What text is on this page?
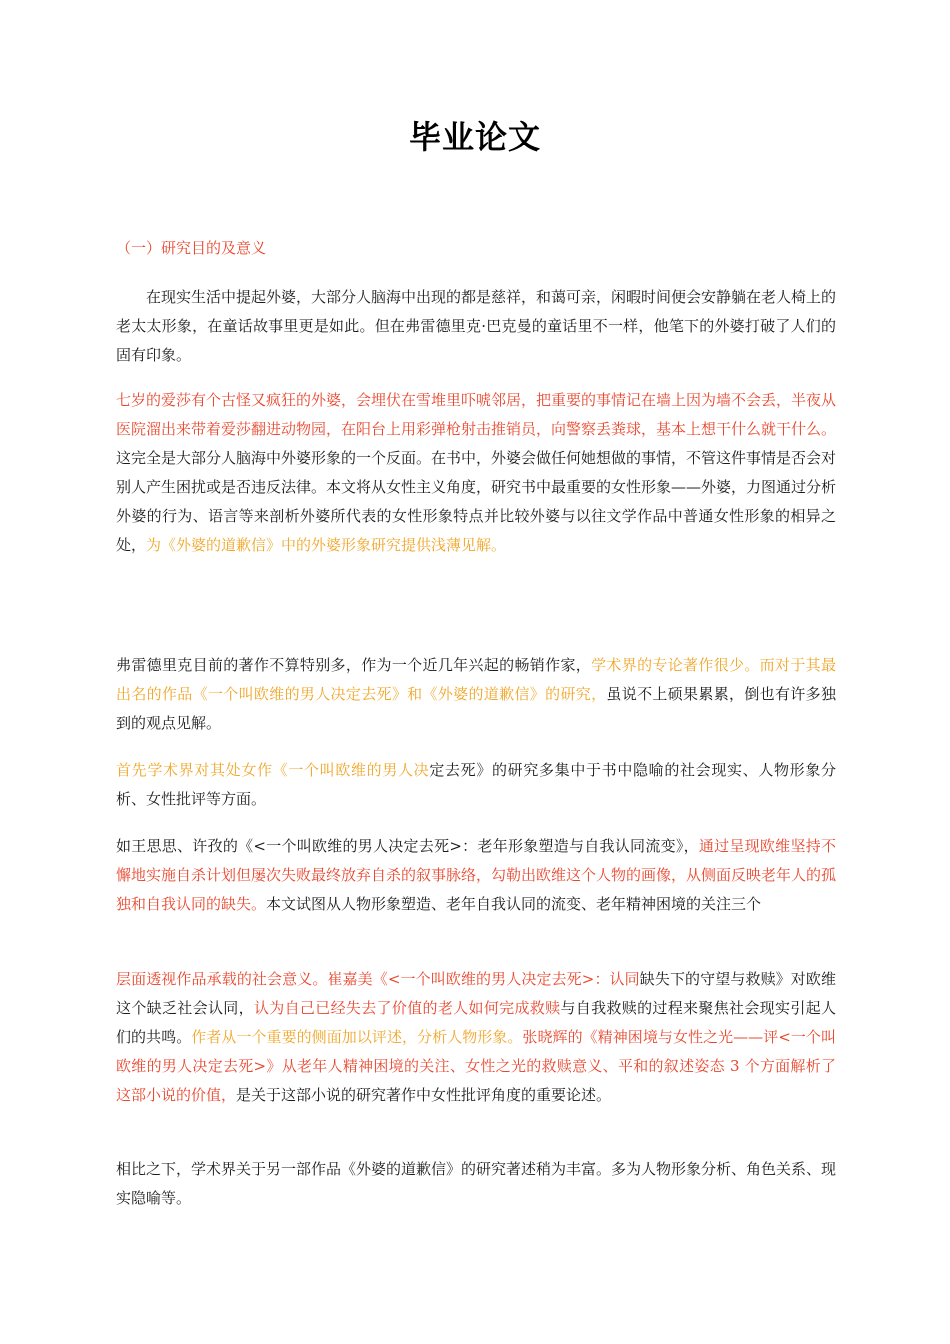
毕业论文
（一）研究目的及意义

在现实生活中提起外婆，大部分人脑海中出现的都是慈祥，和蔼可亲，闲暇时间便会安静躺在老人椅上的老太太形象，在童话故事里更是如此。但在弗雷德里克·巴克曼的童话里不一样，他笔下的外婆打破了人们的固有印象。

七岁的爱莎有个古怪又疯狂的外婆，会埋伏在雪堆里吓唬邻居，把重要的事情记在墙上因为墙不会丢，半夜从医院溜出来带着爱莎翻进动物园，在阳台上用彩弹枪射击推销员，向警察丢粪球，基本上想干什么就干什么。这完全是大部分人脑海中外婆形象的一个反面。在书中，外婆会做任何她想做的事情，不管这件事情是否会对别人产生困扰或是否违反法律。本文将从女性主义角度，研究书中最重要的女性形象——外婆，力图通过分析外婆的行为、语言等来剖析外婆所代表的女性形象特点并比较外婆与以往文学作品中普通女性形象的相异之处，为《外婆的道歉信》中的外婆形象研究提供浅薄见解。

弗雷德里克目前的著作不算特别多，作为一个近几年兴起的畅销作家，学术界的专论著作很少。而对于其最出名的作品《一个叫欧维的男人决定去死》和《外婆的道歉信》的研究，虽说不上硕果累累，倒也有许多独到的观点见解。

首先学术界对其处女作《一个叫欧维的男人决定去死》的研究多集中于书中隐喻的社会现实、人物形象分析、女性批评等方面。

如王思思、许孜的《<一个叫欧维的男人决定去死>：老年形象塑造与自我认同流变》，通过呈现欧维坚持不懈地实施自杀计划但屡次失败最终放弃自杀的叙事脉络，勾勒出欧维这个人物的画像，从侧面反映老年人的孤独和自我认同的缺失。本文试图从人物形象塑造、老年自我认同的流变、老年精神困境的关注三个

层面透视作品承载的社会意义。崔嘉美《<一个叫欧维的男人决定去死>：认同缺失下的守望与救赎》对欧维这个缺乏社会认同，认为自己已经失去了价值的老人如何完成救赎与自我救赎的过程来聚焦社会现实引起人们的共鸣。作者从一个重要的侧面加以评述，分析人物形象。张晓辉的《精神困境与女性之光——评<一个叫欧维的男人决定去死>》从老年人精神困境的关注、女性之光的救赎意义、平和的叙述姿态 3 个方面解析了这部小说的价值，是关于这部小说的研究著作中女性批评角度的重要论述。

相比之下，学术界关于另一部作品《外婆的道歉信》的研究著述稍为丰富。多为人物形象分析、角色关系、现实隐喻等。
